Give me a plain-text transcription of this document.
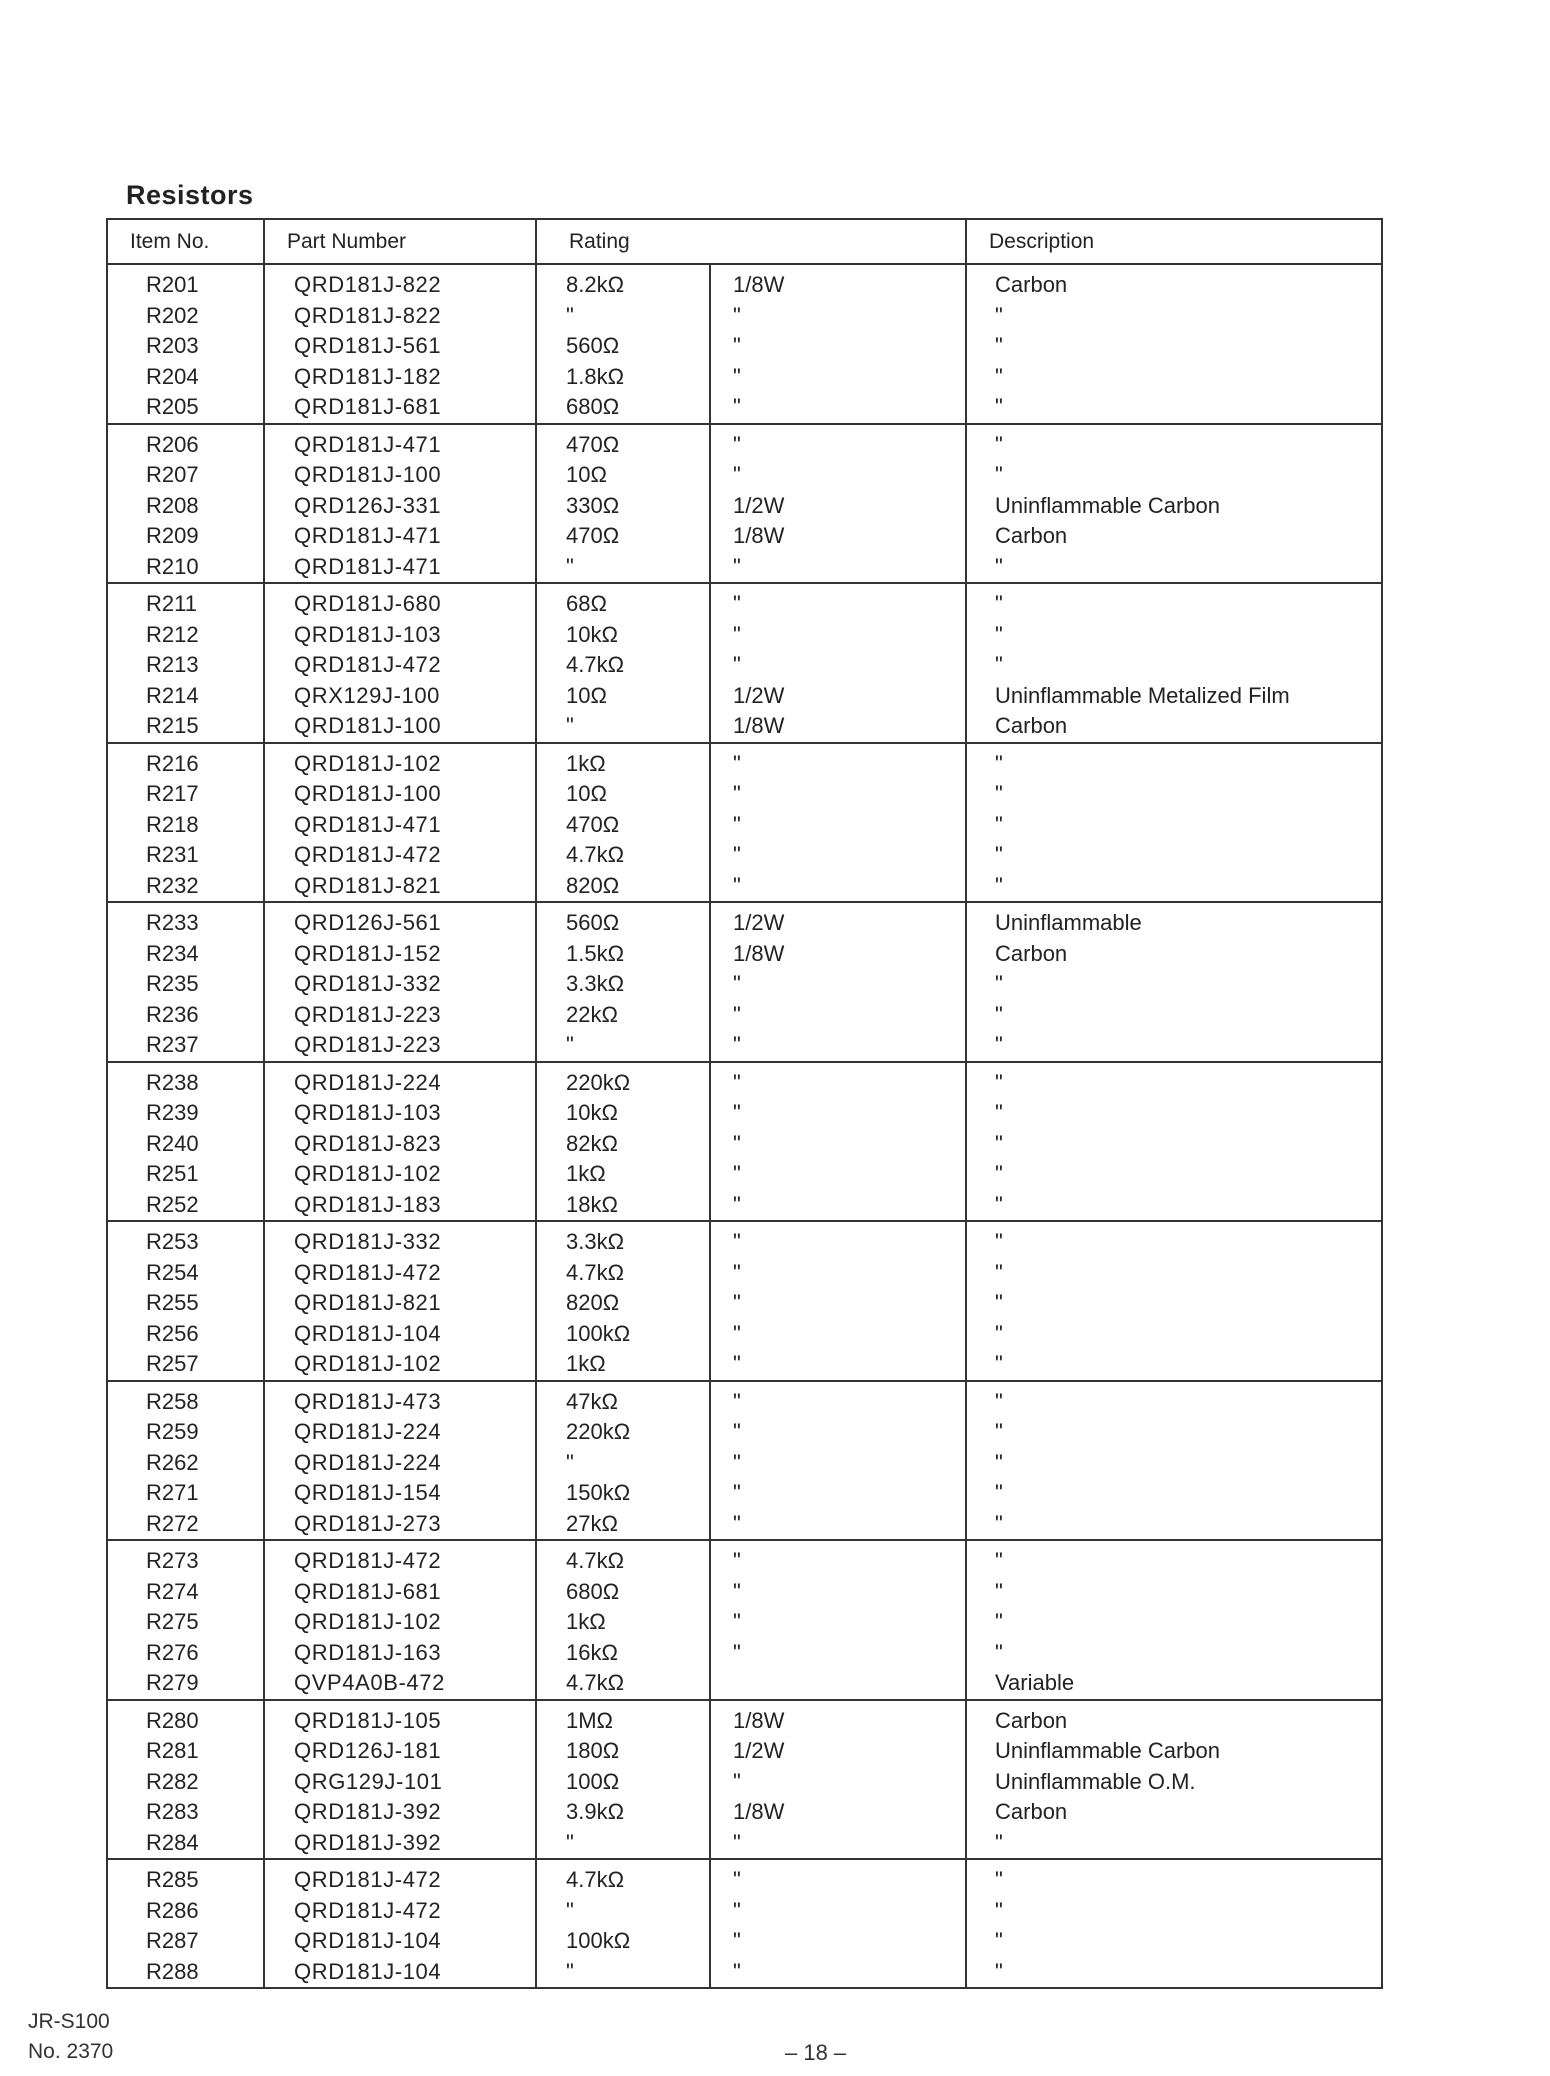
Resistors
Item No.	Part Number	Rating		Description
R201	QRD181J-822	8.2kΩ	1/8W	Carbon
R202	QRD181J-822	"	"	"
R203	QRD181J-561	560Ω	"	"
R204	QRD181J-182	1.8kΩ	"	"
R205	QRD181J-681	680Ω	"	"
R206	QRD181J-471	470Ω	"	"
R207	QRD181J-100	10Ω	"	"
R208	QRD126J-331	330Ω	1/2W	Uninflammable Carbon
R209	QRD181J-471	470Ω	1/8W	Carbon
R210	QRD181J-471	"	"	"
R211	QRD181J-680	68Ω	"	"
R212	QRD181J-103	10kΩ	"	"
R213	QRD181J-472	4.7kΩ	"	"
R214	QRX129J-100	10Ω	1/2W	Uninflammable Metalized Film
R215	QRD181J-100	"	1/8W	Carbon
R216	QRD181J-102	1kΩ	"	"
R217	QRD181J-100	10Ω	"	"
R218	QRD181J-471	470Ω	"	"
R231	QRD181J-472	4.7kΩ	"	"
R232	QRD181J-821	820Ω	"	"
R233	QRD126J-561	560Ω	1/2W	Uninflammable
R234	QRD181J-152	1.5kΩ	1/8W	Carbon
R235	QRD181J-332	3.3kΩ	"	"
R236	QRD181J-223	22kΩ	"	"
R237	QRD181J-223	"	"	"
R238	QRD181J-224	220kΩ	"	"
R239	QRD181J-103	10kΩ	"	"
R240	QRD181J-823	82kΩ	"	"
R251	QRD181J-102	1kΩ	"	"
R252	QRD181J-183	18kΩ	"	"
R253	QRD181J-332	3.3kΩ	"	"
R254	QRD181J-472	4.7kΩ	"	"
R255	QRD181J-821	820Ω	"	"
R256	QRD181J-104	100kΩ	"	"
R257	QRD181J-102	1kΩ	"	"
R258	QRD181J-473	47kΩ	"	"
R259	QRD181J-224	220kΩ	"	"
R262	QRD181J-224	"	"	"
R271	QRD181J-154	150kΩ	"	"
R272	QRD181J-273	27kΩ	"	"
R273	QRD181J-472	4.7kΩ	"	"
R274	QRD181J-681	680Ω	"	"
R275	QRD181J-102	1kΩ	"	"
R276	QRD181J-163	16kΩ	"	"
R279	QVP4A0B-472	4.7kΩ		Variable
R280	QRD181J-105	1MΩ	1/8W	Carbon
R281	QRD126J-181	180Ω	1/2W	Uninflammable Carbon
R282	QRG129J-101	100Ω	"	Uninflammable O.M.
R283	QRD181J-392	3.9kΩ	1/8W	Carbon
R284	QRD181J-392	"	"	"
R285	QRD181J-472	4.7kΩ	"	"
R286	QRD181J-472	"	"	"
R287	QRD181J-104	100kΩ	"	"
R288	QRD181J-104	"	"	"
JR-S100
No. 2370	– 18 –
